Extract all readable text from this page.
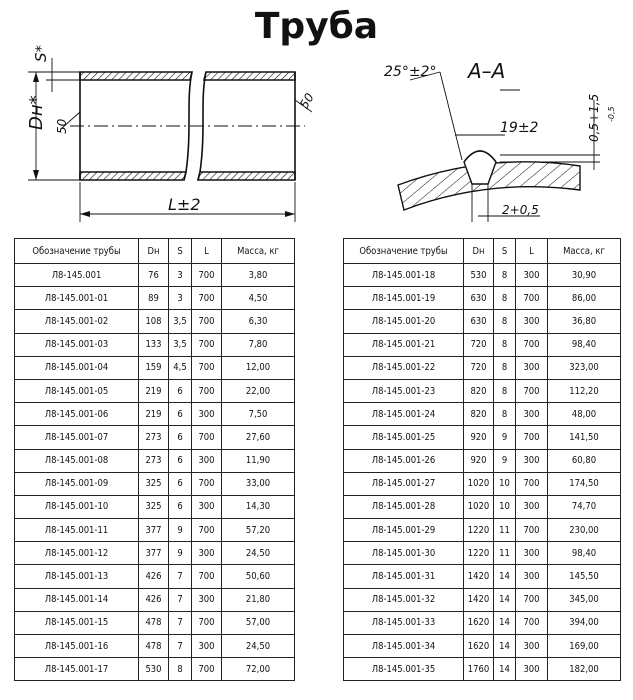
Труба
S*
Dн* 50
50
L±2
А–А
25°±2°
19±2
2+0,5
0,5+1,5 -0,5
Обозначение трубы	Dн	S	L	Масса, кг
Л8-145.001	76	3	700	3,80
Л8-145.001-01	89	3	700	4,50
Л8-145.001-02	108	3,5	700	6,30
Л8-145.001-03	133	3,5	700	7,80
Л8-145.001-04	159	4,5	700	12,00
Л8-145.001-05	219	6	700	22,00
Л8-145.001-06	219	6	300	7,50
Л8-145.001-07	273	6	700	27,60
Л8-145.001-08	273	6	300	11,90
Л8-145.001-09	325	6	700	33,00
Л8-145.001-10	325	6	300	14,30
Л8-145.001-11	377	9	700	57,20
Л8-145.001-12	377	9	300	24,50
Л8-145.001-13	426	7	700	50,60
Л8-145.001-14	426	7	300	21,80
Л8-145.001-15	478	7	700	57,00
Л8-145.001-16	478	7	300	24,50
Л8-145.001-17	530	8	700	72,00
Обозначение трубы	Dн	S	L	Масса, кг
Л8-145.001-18	530	8	300	30,90
Л8-145.001-19	630	8	700	86,00
Л8-145.001-20	630	8	300	36,80
Л8-145.001-21	720	8	700	98,40
Л8-145.001-22	720	8	300	323,00
Л8-145.001-23	820	8	700	112,20
Л8-145.001-24	820	8	300	48,00
Л8-145.001-25	920	9	700	141,50
Л8-145.001-26	920	9	300	60,80
Л8-145.001-27	1020	10	700	174,50
Л8-145.001-28	1020	10	300	74,70
Л8-145.001-29	1220	11	700	230,00
Л8-145.001-30	1220	11	300	98,40
Л8-145.001-31	1420	14	300	145,50
Л8-145.001-32	1420	14	700	345,00
Л8-145.001-33	1620	14	700	394,00
Л8-145.001-34	1620	14	300	169,00
Л8-145.001-35	1760	14	300	182,00
